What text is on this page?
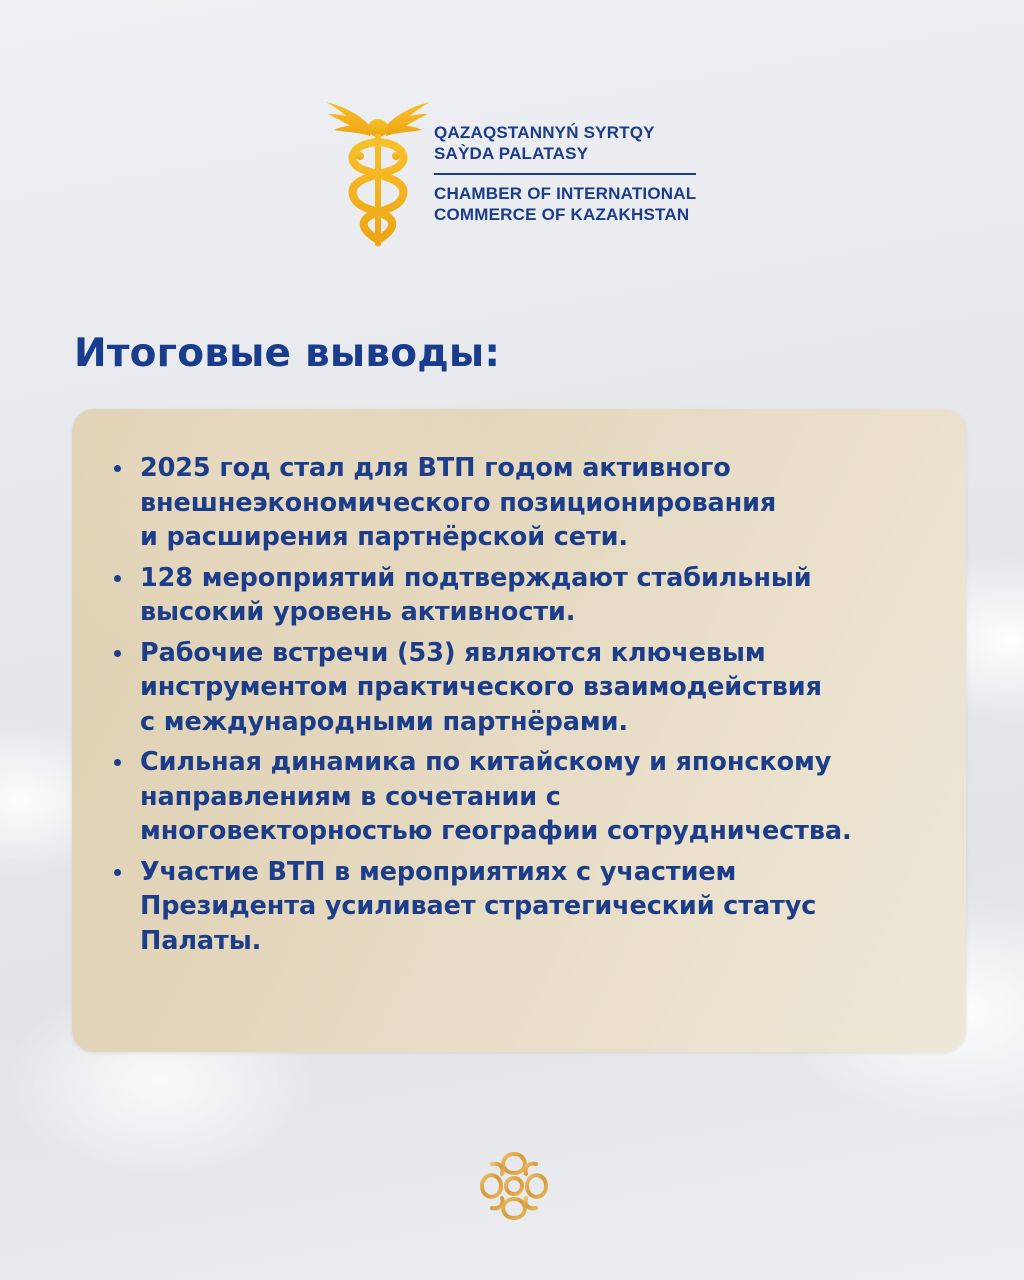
QAZAQSTANNYŃ SYRTQY
SAỲDA PALATASY
CHAMBER OF INTERNATIONAL
COMMERCE OF KAZAKHSTAN
Итоговые выводы:
2025 год стал для ВТП годом активного
внешнеэкономического позиционирования
и расширения партнёрской сети.
128 мероприятий подтверждают стабильный
высокий уровень активности.
Рабочие встречи (53) являются ключевым
инструментом практического взаимодействия
с международными партнёрами.
Сильная динамика по китайскому и японскому
направлениям в сочетании с
многовекторностью географии сотрудничества.
Участие ВТП в мероприятиях с участием
Президента усиливает стратегический статус
Палаты.
